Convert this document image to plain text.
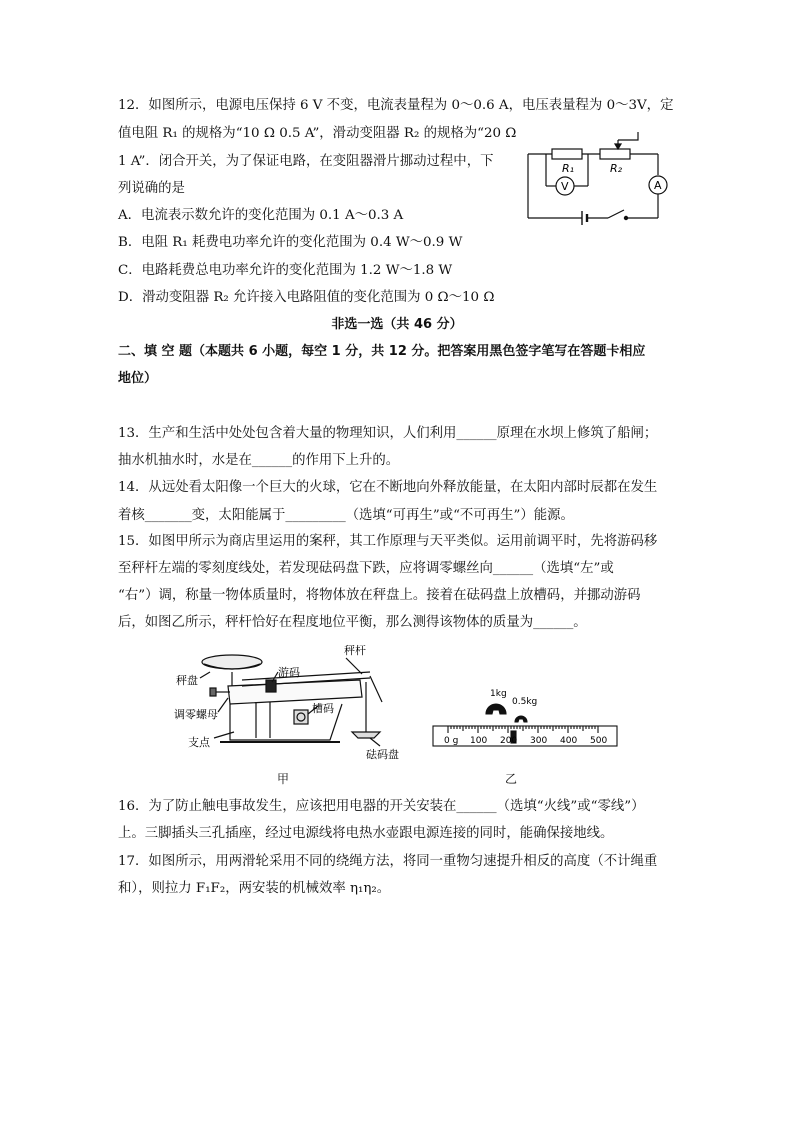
12．如图所示，电源电压保持 6 V 不变，电流表量程为 0～0.6 A，电压表量程为 0～3V，定
值电阻 R₁ 的规格为“10 Ω 0.5 A”，滑动变阻器 R₂ 的规格为“20 Ω
1 A”．闭合开关，为了保证电路，在变阻器滑片挪动过程中，下
列说确的是
A．电流表示数允许的变化范围为 0.1 A～0.3 A
B．电阻 R₁ 耗费电功率允许的变化范围为 0.4 W～0.9 W
C．电路耗费总电功率允许的变化范围为 1.2 W～1.8 W
D．滑动变阻器 R₂ 允许接入电路阻值的变化范围为 0 Ω～10 Ω
R₁	R₂
V	A
非选一选（共 46 分）
二、填 空 题（本题共 6 小题，每空 1 分，共 12 分。把答案用黑色签字笔写在答题卡相应
地位）
13．生产和生活中处处包含着大量的物理知识，人们利用______原理在水坝上修筑了船闸；
抽水机抽水时，水是在______的作用下上升的。
14．从远处看太阳像一个巨大的火球，它在不断地向外释放能量，在太阳内部时辰都在发生
着核_______变，太阳能属于_________（选填“可再生”或“不可再生”）能源。
15．如图甲所示为商店里运用的案秤，其工作原理与天平类似。运用前调平时，先将游码移
至秤杆左端的零刻度线处，若发现砝码盘下跌，应将调零螺丝向______（选填“左”或
“右”）调，称量一物体质量时，将物体放在秤盘上。接着在砝码盘上放槽码，并挪动游码
后，如图乙所示，秤杆恰好在程度地位平衡，那么测得该物体的质量为______。
秤盘
秤杆
游码
调零螺母	槽码
支点
砝码盘
甲
1kg
0.5kg
0 g 100 200 300 400 500
乙
16．为了防止触电事故发生，应该把用电器的开关安装在______（选填“火线”或“零线”）
上。三脚插头三孔插座，经过电源线将电热水壶跟电源连接的同时，能确保接地线。
17．如图所示，用两滑轮采用不同的绕绳方法，将同一重物匀速提升相反的高度（不计绳重
和），则拉力 F₁F₂，两安装的机械效率 η₁η₂。
